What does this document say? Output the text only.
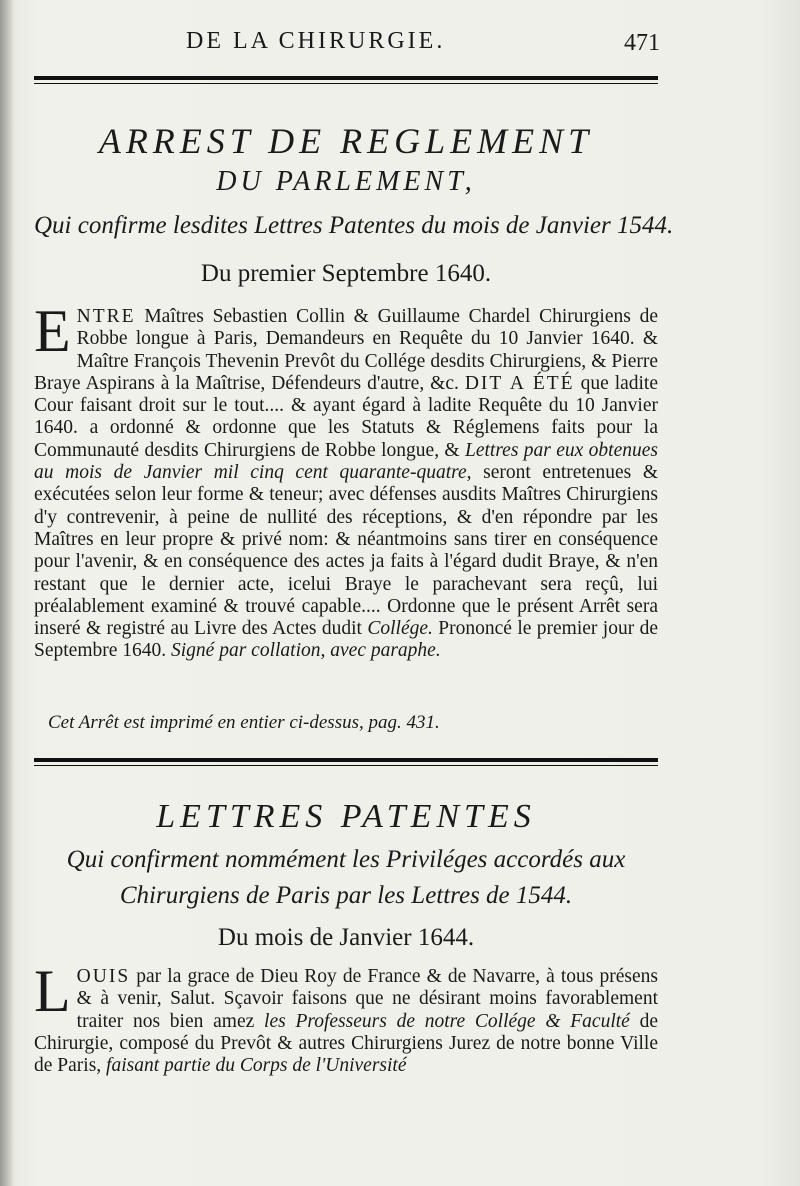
DE LA CHIRURGIE.	471
ARREST DE REGLEMENT
DU PARLEMENT,
Qui confirme lesdites Lettres Patentes du mois de Janvier 1544.
Du premier Septembre 1640.
ENTRE Maîtres Sebastien Collin & Guillaume Chardel Chirurgiens de Robbe longue à Paris, Demandeurs en Requête du 10 Janvier 1640. & Maître François Thevenin Prevôt du Collége desdits Chirurgiens, & Pierre Braye Aspirans à la Maîtrise, Défendeurs d'autre, &c. DIT A ÉTÉ que ladite Cour faisant droit sur le tout.... & ayant égard à ladite Requête du 10 Janvier 1640. a ordonné & ordonne que les Statuts & Réglemens faits pour la Communauté desdits Chirurgiens de Robbe longue, & Lettres par eux obtenues au mois de Janvier mil cinq cent quarante-quatre, seront entretenues & exécutées selon leur forme & teneur; avec défenses ausdits Maîtres Chirurgiens d'y contrevenir, à peine de nullité des réceptions, & d'en répondre par les Maîtres en leur propre & privé nom: & néantmoins sans tirer en conséquence pour l'avenir, & en conséquence des actes ja faits à l'égard dudit Braye, & n'en restant que le dernier acte, icelui Braye le parachevant sera reçû, lui préalablement examiné & trouvé capable.... Ordonne que le présent Arrêt sera inseré & registré au Livre des Actes dudit Collége. Prononcé le premier jour de Septembre 1640. Signé par collation, avec paraphe.
Cet Arrêt est imprimé en entier ci-dessus, pag. 431.
LETTRES PATENTES
Qui confirment nommément les Priviléges accordés aux Chirurgiens de Paris par les Lettres de 1544.
Du mois de Janvier 1644.
LOUIS par la grace de Dieu Roy de France & de Navarre, à tous présens & à venir, Salut. Sçavoir faisons que ne désirant moins favorablement traiter nos bien amez les Professeurs de notre Collége & Faculté de Chirurgie, composé du Prevôt & autres Chirurgiens Jurez de notre bonne Ville de Paris, faisant partie du Corps de l'Université
